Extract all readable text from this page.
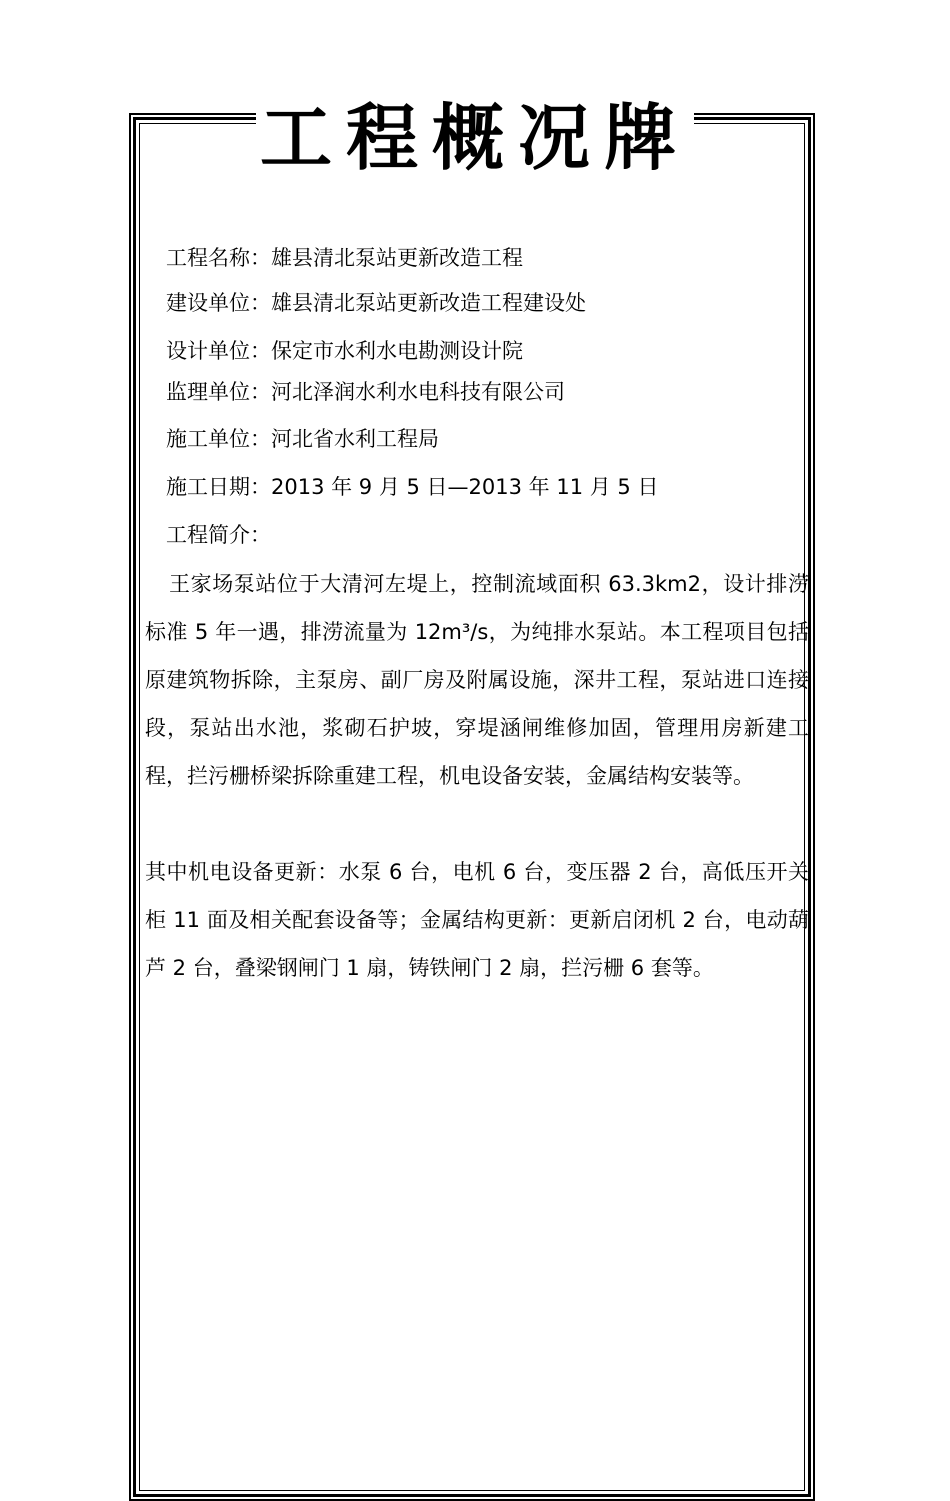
工程概况牌
工程名称：雄县清北泵站更新改造工程
建设单位：雄县清北泵站更新改造工程建设处
设计单位：保定市水利水电勘测设计院
监理单位：河北泽润水利水电科技有限公司
施工单位：河北省水利工程局
施工日期：2013 年 9 月 5 日—2013 年 11 月 5 日
工程简介：
王家场泵站位于大清河左堤上，控制流域面积 63.3km2，设计排涝标准 5 年一遇，排涝流量为 12m³/s，为纯排水泵站。本工程项目包括原建筑物拆除，主泵房、副厂房及附属设施，深井工程，泵站进口连接段，泵站出水池，浆砌石护坡，穿堤涵闸维修加固，管理用房新建工程，拦污栅桥梁拆除重建工程，机电设备安装，金属结构安装等。
其中机电设备更新：水泵 6 台，电机 6 台，变压器 2 台，高低压开关柜 11 面及相关配套设备等；金属结构更新：更新启闭机 2 台，电动葫芦 2 台，叠梁钢闸门 1 扇，铸铁闸门 2 扇，拦污栅 6 套等。
